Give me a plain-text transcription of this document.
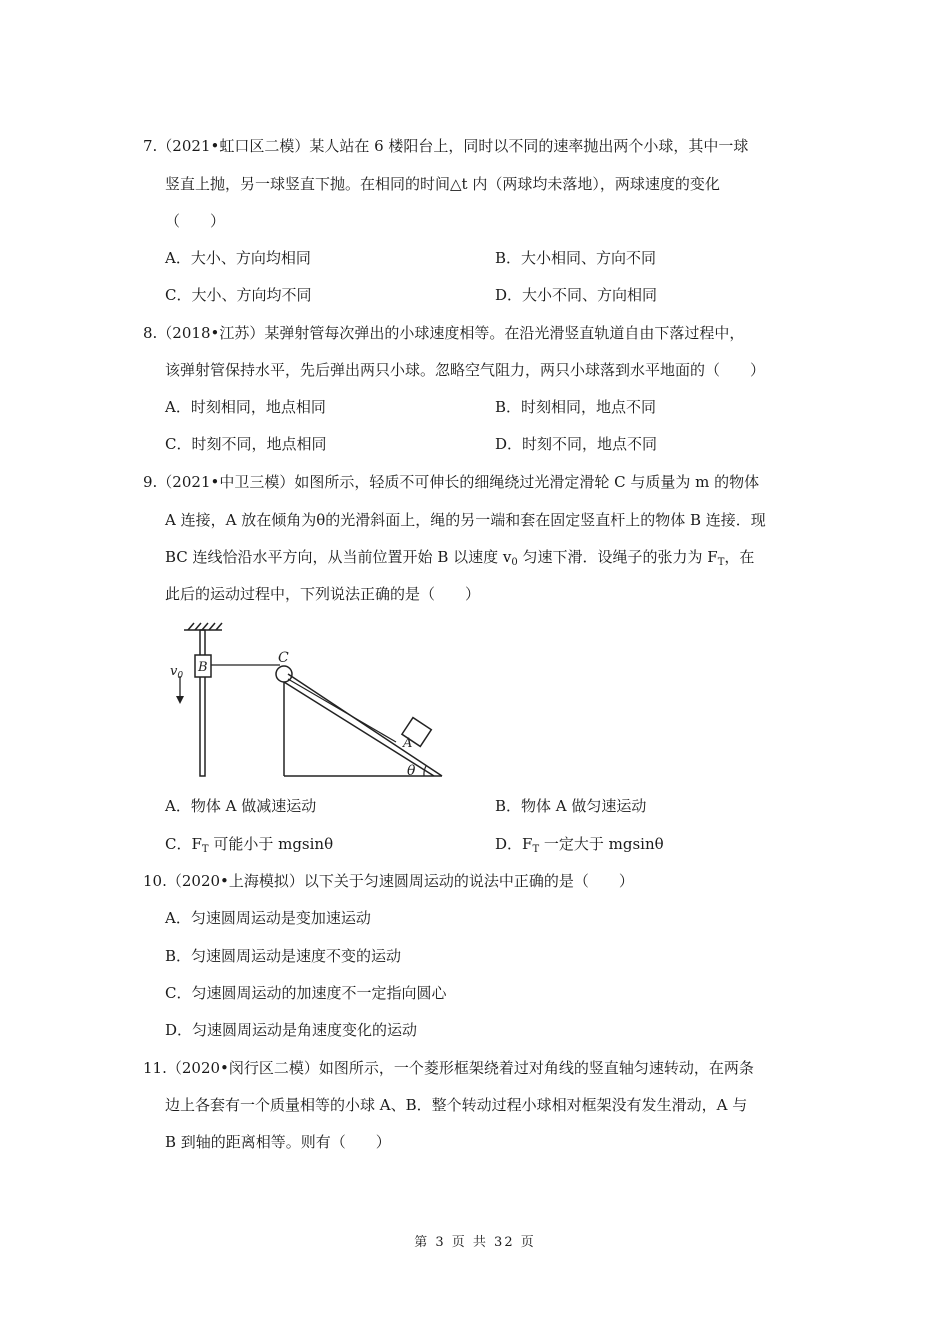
7.（2021•虹口区二模）某人站在 6 楼阳台上，同时以不同的速率抛出两个小球，其中一球
竖直上抛，另一球竖直下抛。在相同的时间△t 内（两球均未落地），两球速度的变化
（　　）
A．大小、方向均相同	B．大小相同、方向不同
C．大小、方向均不同	D．大小不同、方向相同
8.（2018•江苏）某弹射管每次弹出的小球速度相等。在沿光滑竖直轨道自由下落过程中，
该弹射管保持水平，先后弹出两只小球。忽略空气阻力，两只小球落到水平地面的（　　）
A．时刻相同，地点相同	B．时刻相同，地点不同
C．时刻不同，地点相同	D．时刻不同，地点不同
9.（2021•中卫三模）如图所示，轻质不可伸长的细绳绕过光滑定滑轮 C 与质量为 m 的物体
A 连接，A 放在倾角为θ的光滑斜面上，绳的另一端和套在固定竖直杆上的物体 B 连接．现
BC 连线恰沿水平方向，从当前位置开始 B 以速度 $v_0$ 匀速下滑．设绳子的张力为 $F_T$，在
此后的运动过程中，下列说法正确的是（　　）
B
$v_0$
C
A
θ
A．物体 A 做减速运动	B．物体 A 做匀速运动
C．$F_T$ 可能小于 mgsinθ	D．$F_T$ 一定大于 mgsinθ
10.（2020•上海模拟）以下关于匀速圆周运动的说法中正确的是（　　）
A．匀速圆周运动是变加速运动
B．匀速圆周运动是速度不变的运动
C．匀速圆周运动的加速度不一定指向圆心
D．匀速圆周运动是角速度变化的运动
11.（2020•闵行区二模）如图所示，一个菱形框架绕着过对角线的竖直轴匀速转动，在两条
边上各套有一个质量相等的小球 A、B．整个转动过程小球相对框架没有发生滑动，A 与
B 到轴的距离相等。则有（　　）
第 3 页 共 32 页
